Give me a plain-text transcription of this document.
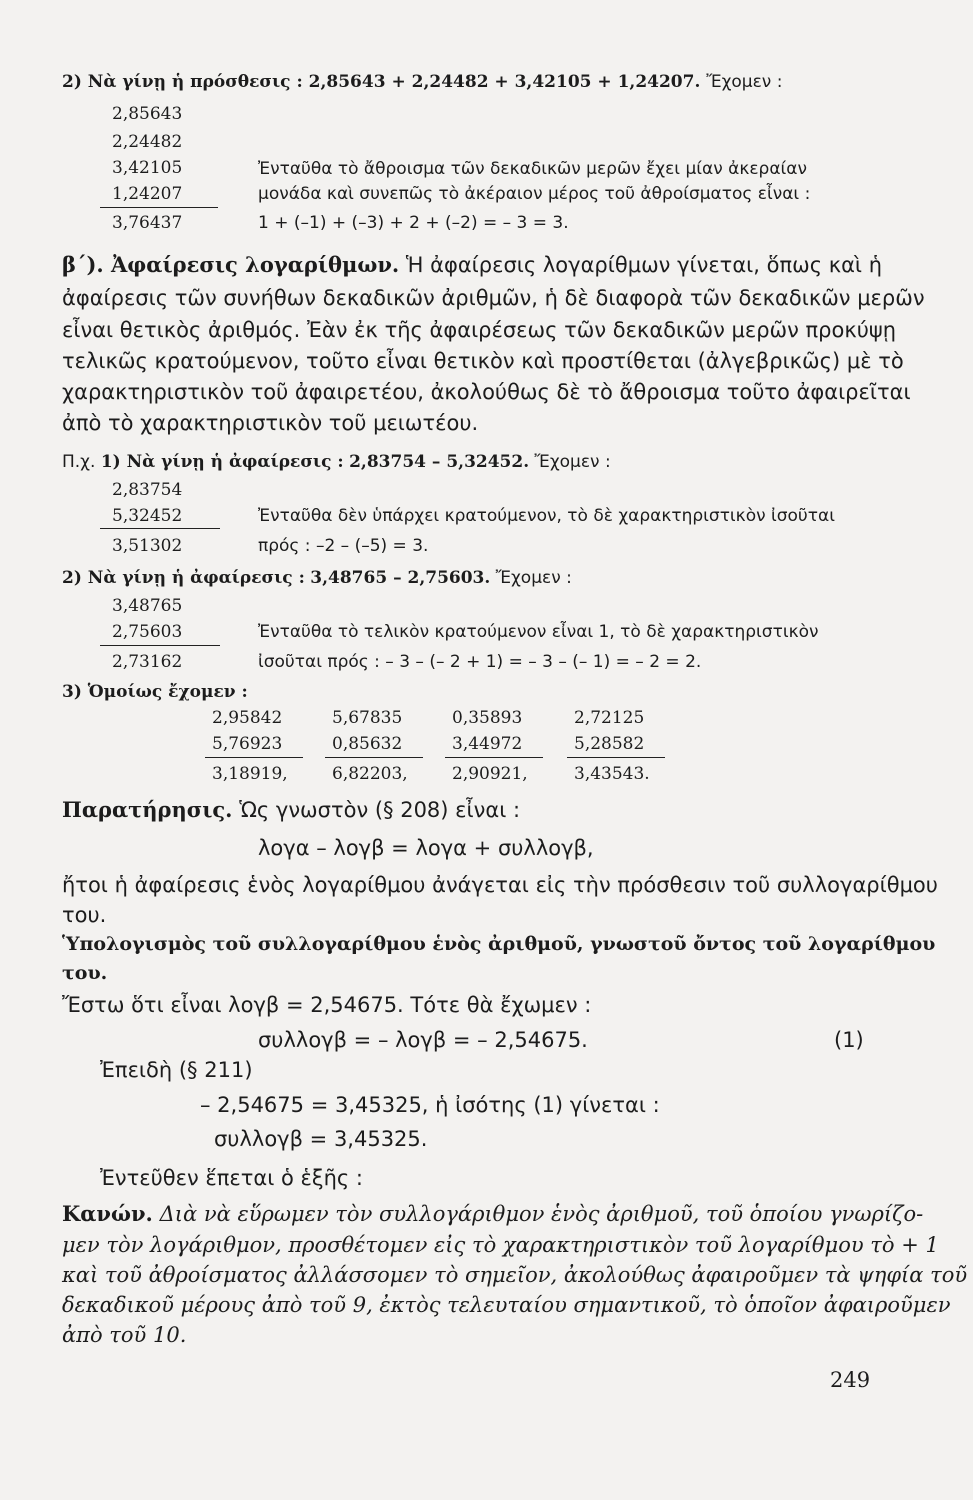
2) Νὰ γίνῃ ἡ πρόσθεσις : 2,85643 + 2,24482 + 3,42105 + 1,24207. Ἔχομεν :
2,85643
2,24482
3,42105
1,24207
3,76437
Ἐνταῦθα τὸ ἄθροισμα τῶν δεκαδικῶν μερῶν ἔχει μίαν ἀκεραίαν
μονάδα καὶ συνεπῶς τὸ ἀκέραιον μέρος τοῦ ἀθροίσματος εἶναι :
1 + (–1) + (–3) + 2 + (–2) = – 3 = 3.
β΄). Ἀφαίρεσις λογαρίθμων. Ἡ ἀφαίρεσις λογαρίθμων γίνεται, ὅπως καὶ ἡ
ἀφαίρεσις τῶν συνήθων δεκαδικῶν ἀριθμῶν, ἡ δὲ διαφορὰ τῶν δεκαδικῶν μερῶν
εἶναι θετικὸς ἀριθμός. Ἐὰν ἐκ τῆς ἀφαιρέσεως τῶν δεκαδικῶν μερῶν προκύψῃ
τελικῶς κρατούμενον, τοῦτο εἶναι θετικὸν καὶ προστίθεται (ἀλγεβρικῶς) μὲ τὸ
χαρακτηριστικὸν τοῦ ἀφαιρετέου, ἀκολούθως δὲ τὸ ἄθροισμα τοῦτο ἀφαιρεῖται
ἀπὸ τὸ χαρακτηριστικὸν τοῦ μειωτέου.
Π.χ. 1) Νὰ γίνῃ ἡ ἀφαίρεσις : 2,83754 – 5,32452. Ἔχομεν :
2,83754
5,32452
3,51302
Ἐνταῦθα δὲν ὑπάρχει κρατούμενον, τὸ δὲ χαρακτηριστικὸν ἰσοῦται
πρός : –2 – (–5) = 3.
2) Νὰ γίνῃ ἡ ἀφαίρεσις : 3,48765 – 2,75603. Ἔχομεν :
3,48765
2,75603
2,73162
Ἐνταῦθα τὸ τελικὸν κρατούμενον εἶναι 1, τὸ δὲ χαρακτηριστικὸν
ἰσοῦται πρός : – 3 – (– 2 + 1) = – 3 – (– 1) = – 2 = 2.
3) Ὁμοίως ἔχομεν :
2,95842
5,76923
3,18919,
5,67835
0,85632
6,82203,
0,35893
3,44972
2,90921,
2,72125
5,28582
3,43543.
Παρατήρησις. Ὡς γνωστὸν (§ 208) εἶναι :
λογα – λογβ = λογα + συλλογβ,
ἤτοι ἡ ἀφαίρεσις ἑνὸς λογαρίθμου ἀνάγεται εἰς τὴν πρόσθεσιν τοῦ συλλογαρίθμου
του.
Ὑπολογισμὸς τοῦ συλλογαρίθμου ἑνὸς ἀριθμοῦ, γνωστοῦ ὄντος τοῦ λογαρίθμου
του.
Ἔστω ὅτι εἶναι λογβ = 2,54675. Τότε θὰ ἔχωμεν :
συλλογβ = – λογβ = – 2,54675.	(1)
Ἐπειδὴ (§ 211)
– 2,54675 = 3,45325, ἡ ἰσότης (1) γίνεται :
συλλογβ = 3,45325.
Ἐντεῦθεν ἕπεται ὁ ἑξῆς :
Κανών. Διὰ νὰ εὕρωμεν τὸν συλλογάριθμον ἑνὸς ἀριθμοῦ, τοῦ ὁποίου γνωρίζο-
μεν τὸν λογάριθμον, προσθέτομεν εἰς τὸ χαρακτηριστικὸν τοῦ λογαρίθμου τὸ + 1
καὶ τοῦ ἀθροίσματος ἀλλάσσομεν τὸ σημεῖον, ἀκολούθως ἀφαιροῦμεν τὰ ψηφία τοῦ
δεκαδικοῦ μέρους ἀπὸ τοῦ 9, ἐκτὸς τελευταίου σημαντικοῦ, τὸ ὁποῖον ἀφαιροῦμεν
ἀπὸ τοῦ 10.
249
